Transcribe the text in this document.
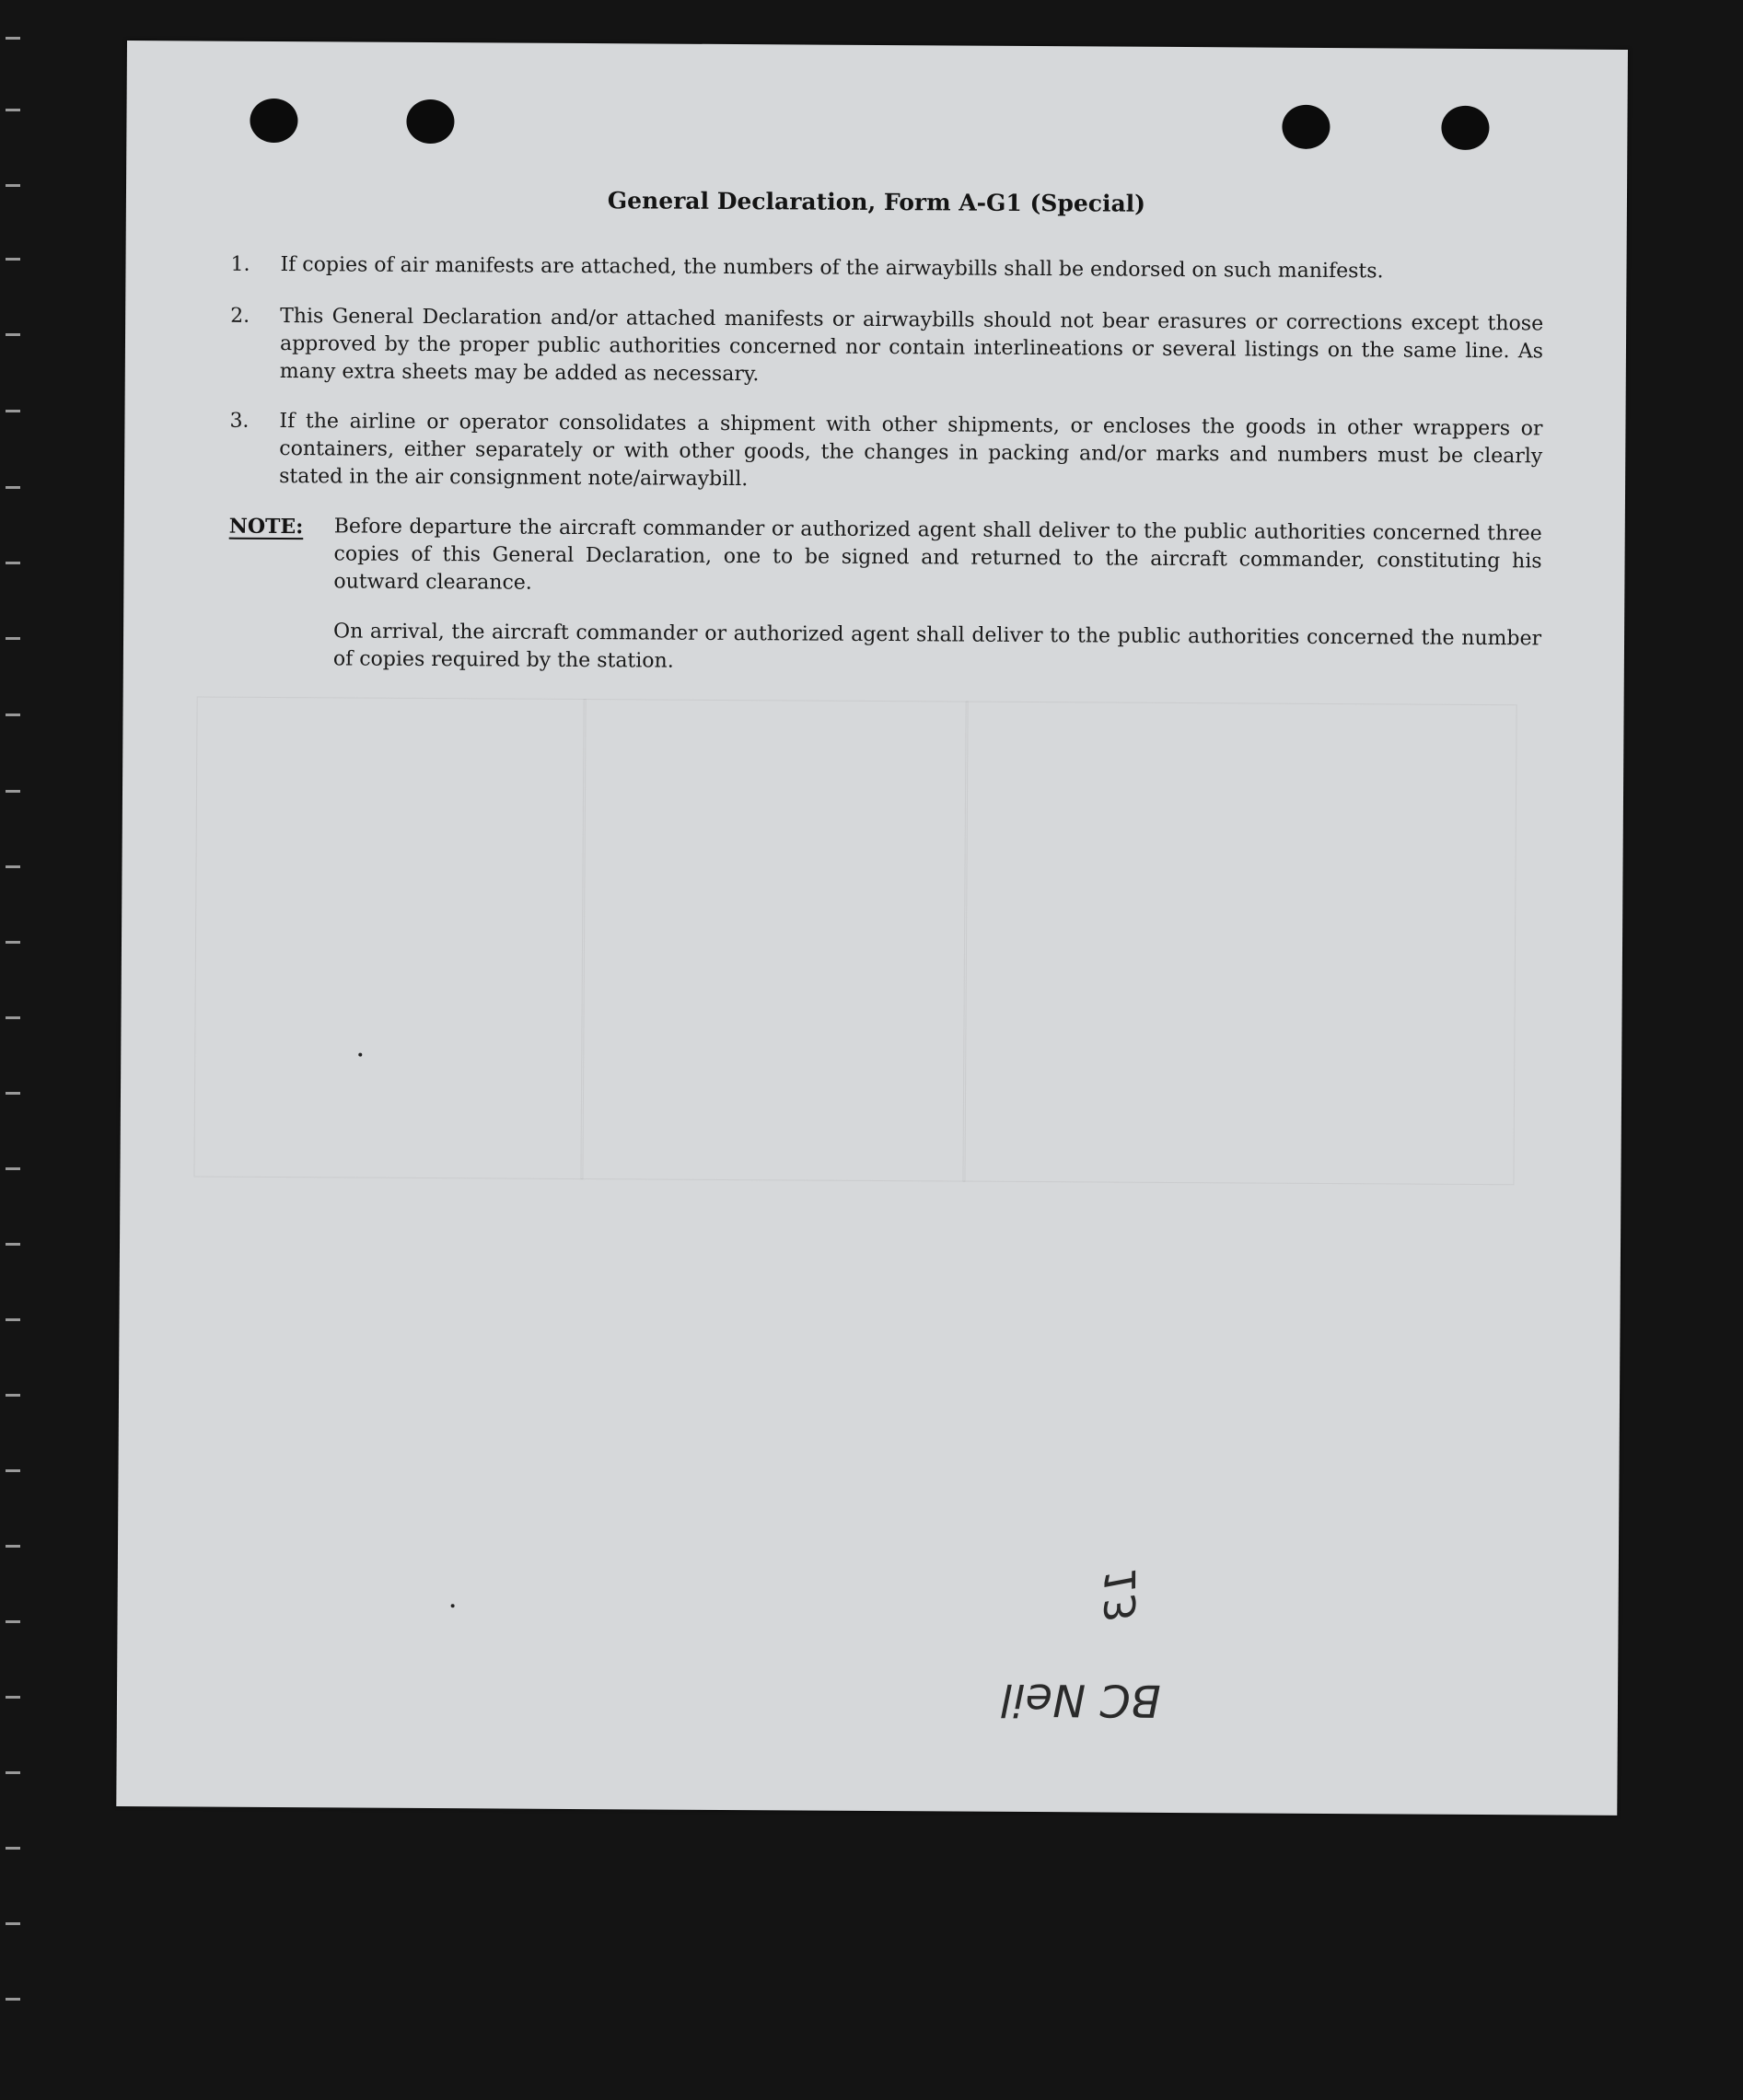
General Declaration, Form A-G1 (Special)
1. If copies of air manifests are attached, the numbers of the airwaybills shall be endorsed on such manifests.
2. This General Declaration and/or attached manifests or airwaybills should not bear erasures or corrections except those approved by the proper public authorities concerned nor contain interlineations or several listings on the same line. As many extra sheets may be added as necessary.
3. If the airline or operator consolidates a shipment with other shipments, or encloses the goods in other wrappers or containers, either separately or with other goods, the changes in packing and/or marks and numbers must be clearly stated in the air consignment note/airwaybill.
NOTE: Before departure the aircraft commander or authorized agent shall deliver to the public authorities concerned three copies of this General Declaration, one to be signed and returned to the aircraft commander, constituting his outward clearance.
On arrival, the aircraft commander or authorized agent shall deliver to the public authorities concerned the number of copies required by the station.
13
BC Neil
